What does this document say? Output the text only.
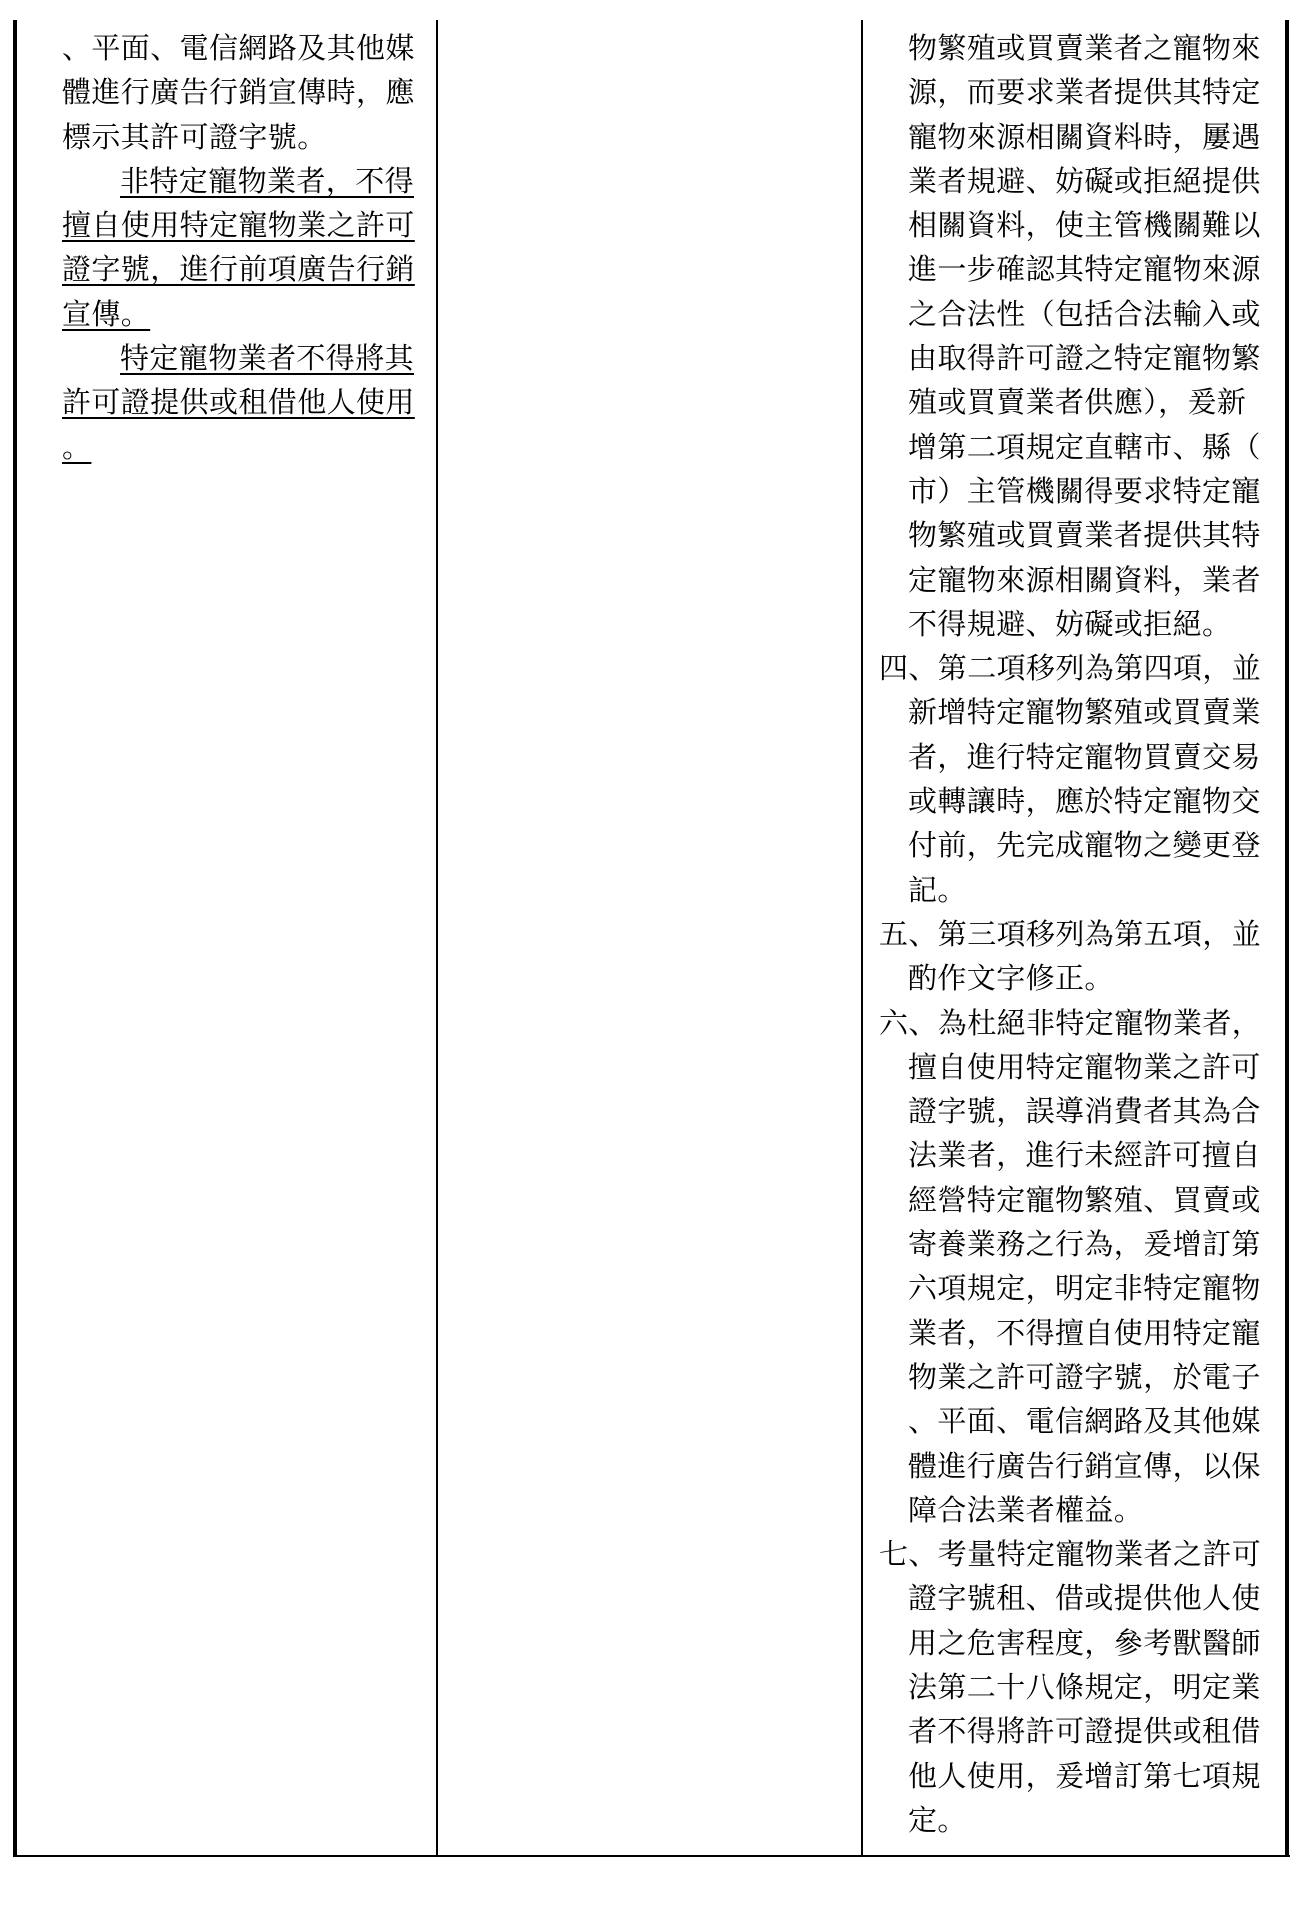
、平面、電信網路及其他媒
體進行廣告行銷宣傳時，應
標示其許可證字號。
非特定寵物業者，不得
擅自使用特定寵物業之許可
證字號，進行前項廣告行銷
宣傳。
特定寵物業者不得將其
許可證提供或租借他人使用
。
物繁殖或買賣業者之寵物來
源，而要求業者提供其特定
寵物來源相關資料時，屢遇
業者規避、妨礙或拒絕提供
相關資料，使主管機關難以
進一步確認其特定寵物來源
之合法性（包括合法輸入或
由取得許可證之特定寵物繁
殖或買賣業者供應），爰新
增第二項規定直轄市、縣（
市）主管機關得要求特定寵
物繁殖或買賣業者提供其特
定寵物來源相關資料，業者
不得規避、妨礙或拒絕。
四、第二項移列為第四項，並
新增特定寵物繁殖或買賣業
者，進行特定寵物買賣交易
或轉讓時，應於特定寵物交
付前，先完成寵物之變更登
記。
五、第三項移列為第五項，並
酌作文字修正。
六、為杜絕非特定寵物業者，
擅自使用特定寵物業之許可
證字號，誤導消費者其為合
法業者，進行未經許可擅自
經營特定寵物繁殖、買賣或
寄養業務之行為，爰增訂第
六項規定，明定非特定寵物
業者，不得擅自使用特定寵
物業之許可證字號，於電子
、平面、電信網路及其他媒
體進行廣告行銷宣傳，以保
障合法業者權益。
七、考量特定寵物業者之許可
證字號租、借或提供他人使
用之危害程度，參考獸醫師
法第二十八條規定，明定業
者不得將許可證提供或租借
他人使用，爰增訂第七項規
定。
